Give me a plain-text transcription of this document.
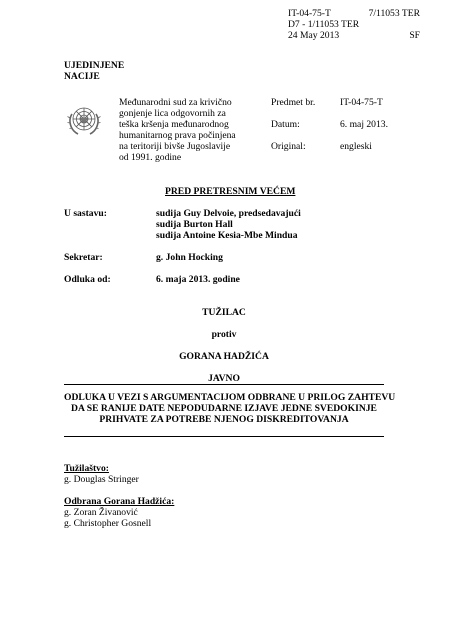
IT-04-75-T	7/11053 TER
D7 - 1/11053 TER
24 May 2013	SF
UJEDINJENE
NACIJE
Međunarodni sud za krivično
gonjenje lica odgovornih za
teška kršenja međunarodnog
humanitarnog prava počinjena
na teritoriji bivše Jugoslavije
od 1991. godine
Predmet br.	IT-04-75-T
Datum:	6. maj 2013.
Original:	engleski
PRED PRETRESNIM VEĆEM
U sastavu:	sudija Guy Delvoie, predsedavajući
sudija Burton Hall
sudija Antoine Kesia-Mbe Mindua
Sekretar:	g. John Hocking
Odluka od:	6. maja 2013. godine
TUŽILAC
protiv
GORANA HADŽIĆA
JAVNO
ODLUKA U VEZI S ARGUMENTACIJOM ODBRANE U PRILOG ZAHTEVU
DA SE RANIJE DATE NEPODUDARNE IZJAVE JEDNE SVEDOKINJE
PRIHVATE ZA POTREBE NJENOG DISKREDITOVANJA
Tužilaštvo:
g. Douglas Stringer
Odbrana Gorana Hadžića:
g. Zoran Živanović
g. Christopher Gosnell
